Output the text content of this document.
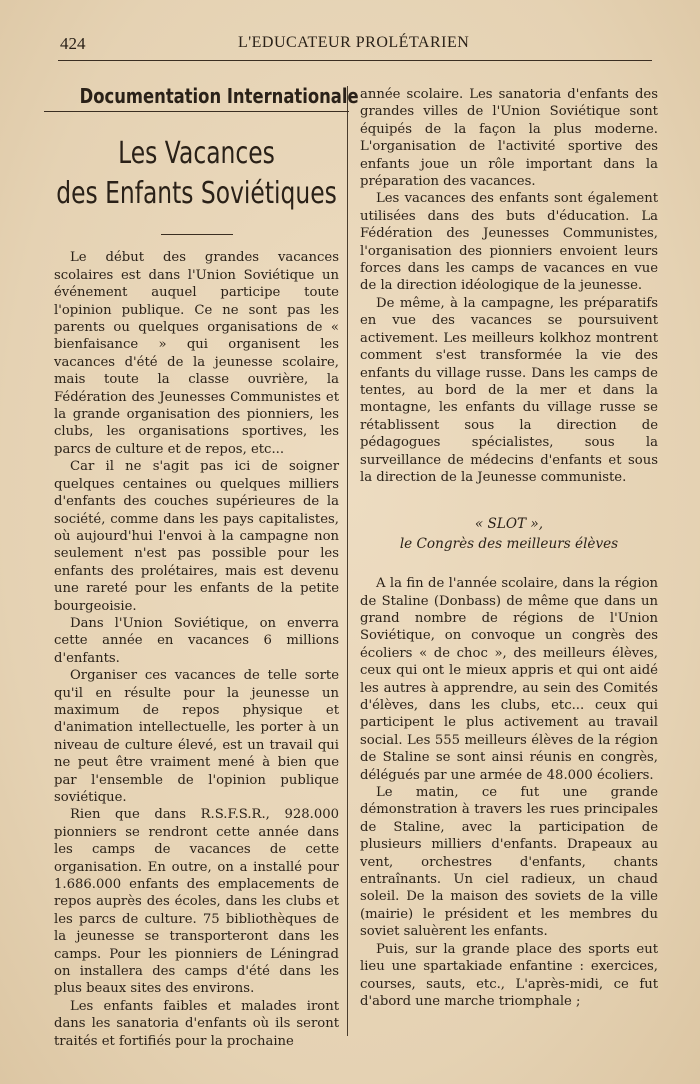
424	L'EDUCATEUR PROLÉTARIEN
Documentation Internationale
Les Vacances
des Enfants Soviétiques

Le début des grandes vacances scolaires est dans l'Union Soviétique un événement auquel participe toute l'opinion publique. Ce ne sont pas les parents ou quelques organisations de « bienfaisance » qui organisent les vacances d'été de la jeunesse scolaire, mais toute la classe ouvrière, la Fédération des Jeunesses Communistes et la grande organisation des pionniers, les clubs, les organisations sportives, les parcs de culture et de repos, etc...

Car il ne s'agit pas ici de soigner quelques centaines ou quelques milliers d'enfants des couches supérieures de la société, comme dans les pays capitalistes, où aujourd'hui l'envoi à la campagne non seulement n'est pas possible pour les enfants des prolétaires, mais est devenu une rareté pour les enfants de la petite bourgeoisie.

Dans l'Union Soviétique, on enverra cette année en vacances 6 millions d'enfants.

Organiser ces vacances de telle sorte qu'il en résulte pour la jeunesse un maximum de repos physique et d'animation intellectuelle, les porter à un niveau de culture élevé, est un travail qui ne peut être vraiment mené à bien que par l'ensemble de l'opinion publique soviétique.

Rien que dans R.S.F.S.R., 928.000 pionniers se rendront cette année dans les camps de vacances de cette organisation. En outre, on a installé pour 1.686.000 enfants des emplacements de repos auprès des écoles, dans les clubs et les parcs de culture. 75 bibliothèques de la jeunesse se transporteront dans les camps. Pour les pionniers de Léningrad on installera des camps d'été dans les plus beaux sites des environs.

Les enfants faibles et malades iront dans les sanatoria d'enfants où ils seront traités et fortifiés pour la prochaine

année scolaire. Les sanatoria d'enfants des grandes villes de l'Union Soviétique sont équipés de la façon la plus moderne. L'organisation de l'activité sportive des enfants joue un rôle important dans la préparation des vacances.

Les vacances des enfants sont également utilisées dans des buts d'éducation. La Fédération des Jeunesses Communistes, l'organisation des pionniers envoient leurs forces dans les camps de vacances en vue de la direction idéologique de la jeunesse.

De même, à la campagne, les préparatifs en vue des vacances se poursuivent activement. Les meilleurs kolkhoz montrent comment s'est transformée la vie des enfants du village russe. Dans les camps de tentes, au bord de la mer et dans la montagne, les enfants du village russe se rétablissent sous la direction de pédagogues spécialistes, sous la surveillance de médecins d'enfants et sous la direction de la Jeunesse communiste.

« SLOT »,
le Congrès des meilleurs élèves

A la fin de l'année scolaire, dans la région de Staline (Donbass) de même que dans un grand nombre de régions de l'Union Soviétique, on convoque un congrès des écoliers « de choc », des meilleurs élèves, ceux qui ont le mieux appris et qui ont aidé les autres à apprendre, au sein des Comités d'élèves, dans les clubs, etc... ceux qui participent le plus activement au travail social. Les 555 meilleurs élèves de la région de Staline se sont ainsi réunis en congrès, délégués par une armée de 48.000 écoliers.

Le matin, ce fut une grande démonstration à travers les rues principales de Staline, avec la participation de plusieurs milliers d'enfants. Drapeaux au vent, orchestres d'enfants, chants entraînants. Un ciel radieux, un chaud soleil. De la maison des soviets de la ville (mairie) le président et les membres du soviet saluèrent les enfants.

Puis, sur la grande place des sports eut lieu une spartakiade enfantine : exercices, courses, sauts, etc., L'après-midi, ce fut d'abord une marche triomphale ;
